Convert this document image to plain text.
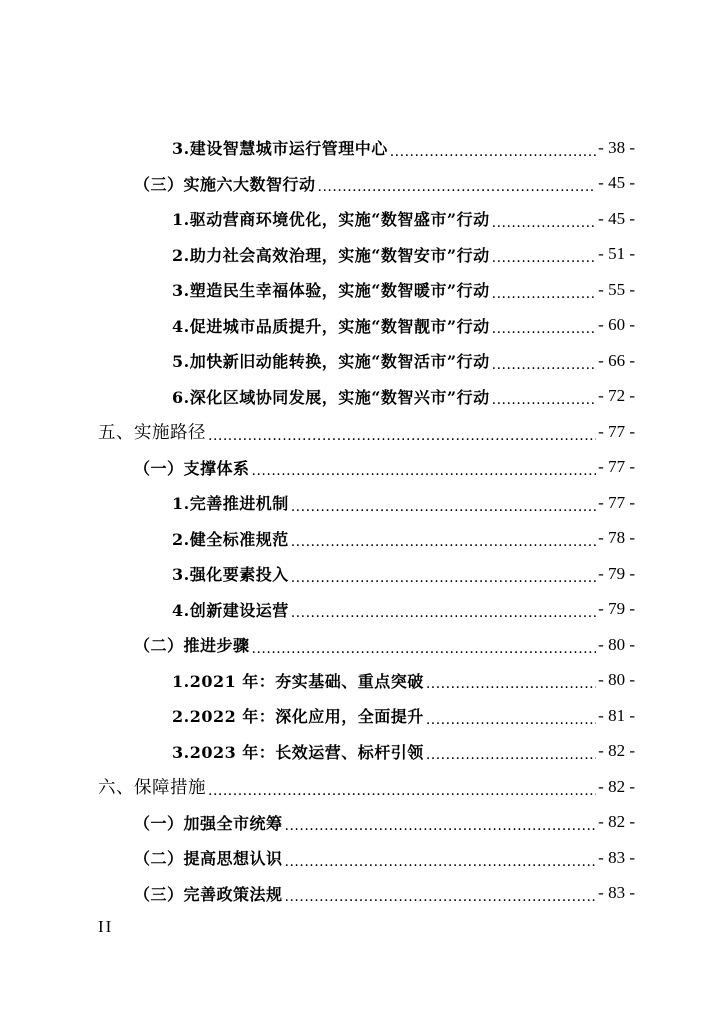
3.建设智慧城市运行管理中心 .....	- 38 -
（三）实施六大数智行动 .....	- 45 -
1.驱动营商环境优化，实施“数智盛市”行动 .....	- 45 -
2.助力社会高效治理，实施“数智安市”行动 .....	- 51 -
3.塑造民生幸福体验，实施“数智暖市”行动 .....	- 55 -
4.促进城市品质提升，实施“数智靓市”行动 .....	- 60 -
5.加快新旧动能转换，实施“数智活市”行动 .....	- 66 -
6.深化区域协同发展，实施“数智兴市”行动 .....	- 72 -
五、实施路径 .....	- 77 -
（一）支撑体系 .....	- 77 -
1.完善推进机制 .....	- 77 -
2.健全标准规范 .....	- 78 -
3.强化要素投入 .....	- 79 -
4.创新建设运营 .....	- 79 -
（二）推进步骤 .....	- 80 -
1.2021 年：夯实基础、重点突破 .....	- 80 -
2.2022 年：深化应用，全面提升 .....	- 81 -
3.2023 年：长效运营、标杆引领 .....	- 82 -
六、保障措施 .....	- 82 -
（一）加强全市统筹 .....	- 82 -
（二）提高思想认识 .....	- 83 -
（三）完善政策法规 .....	- 83 -
II
